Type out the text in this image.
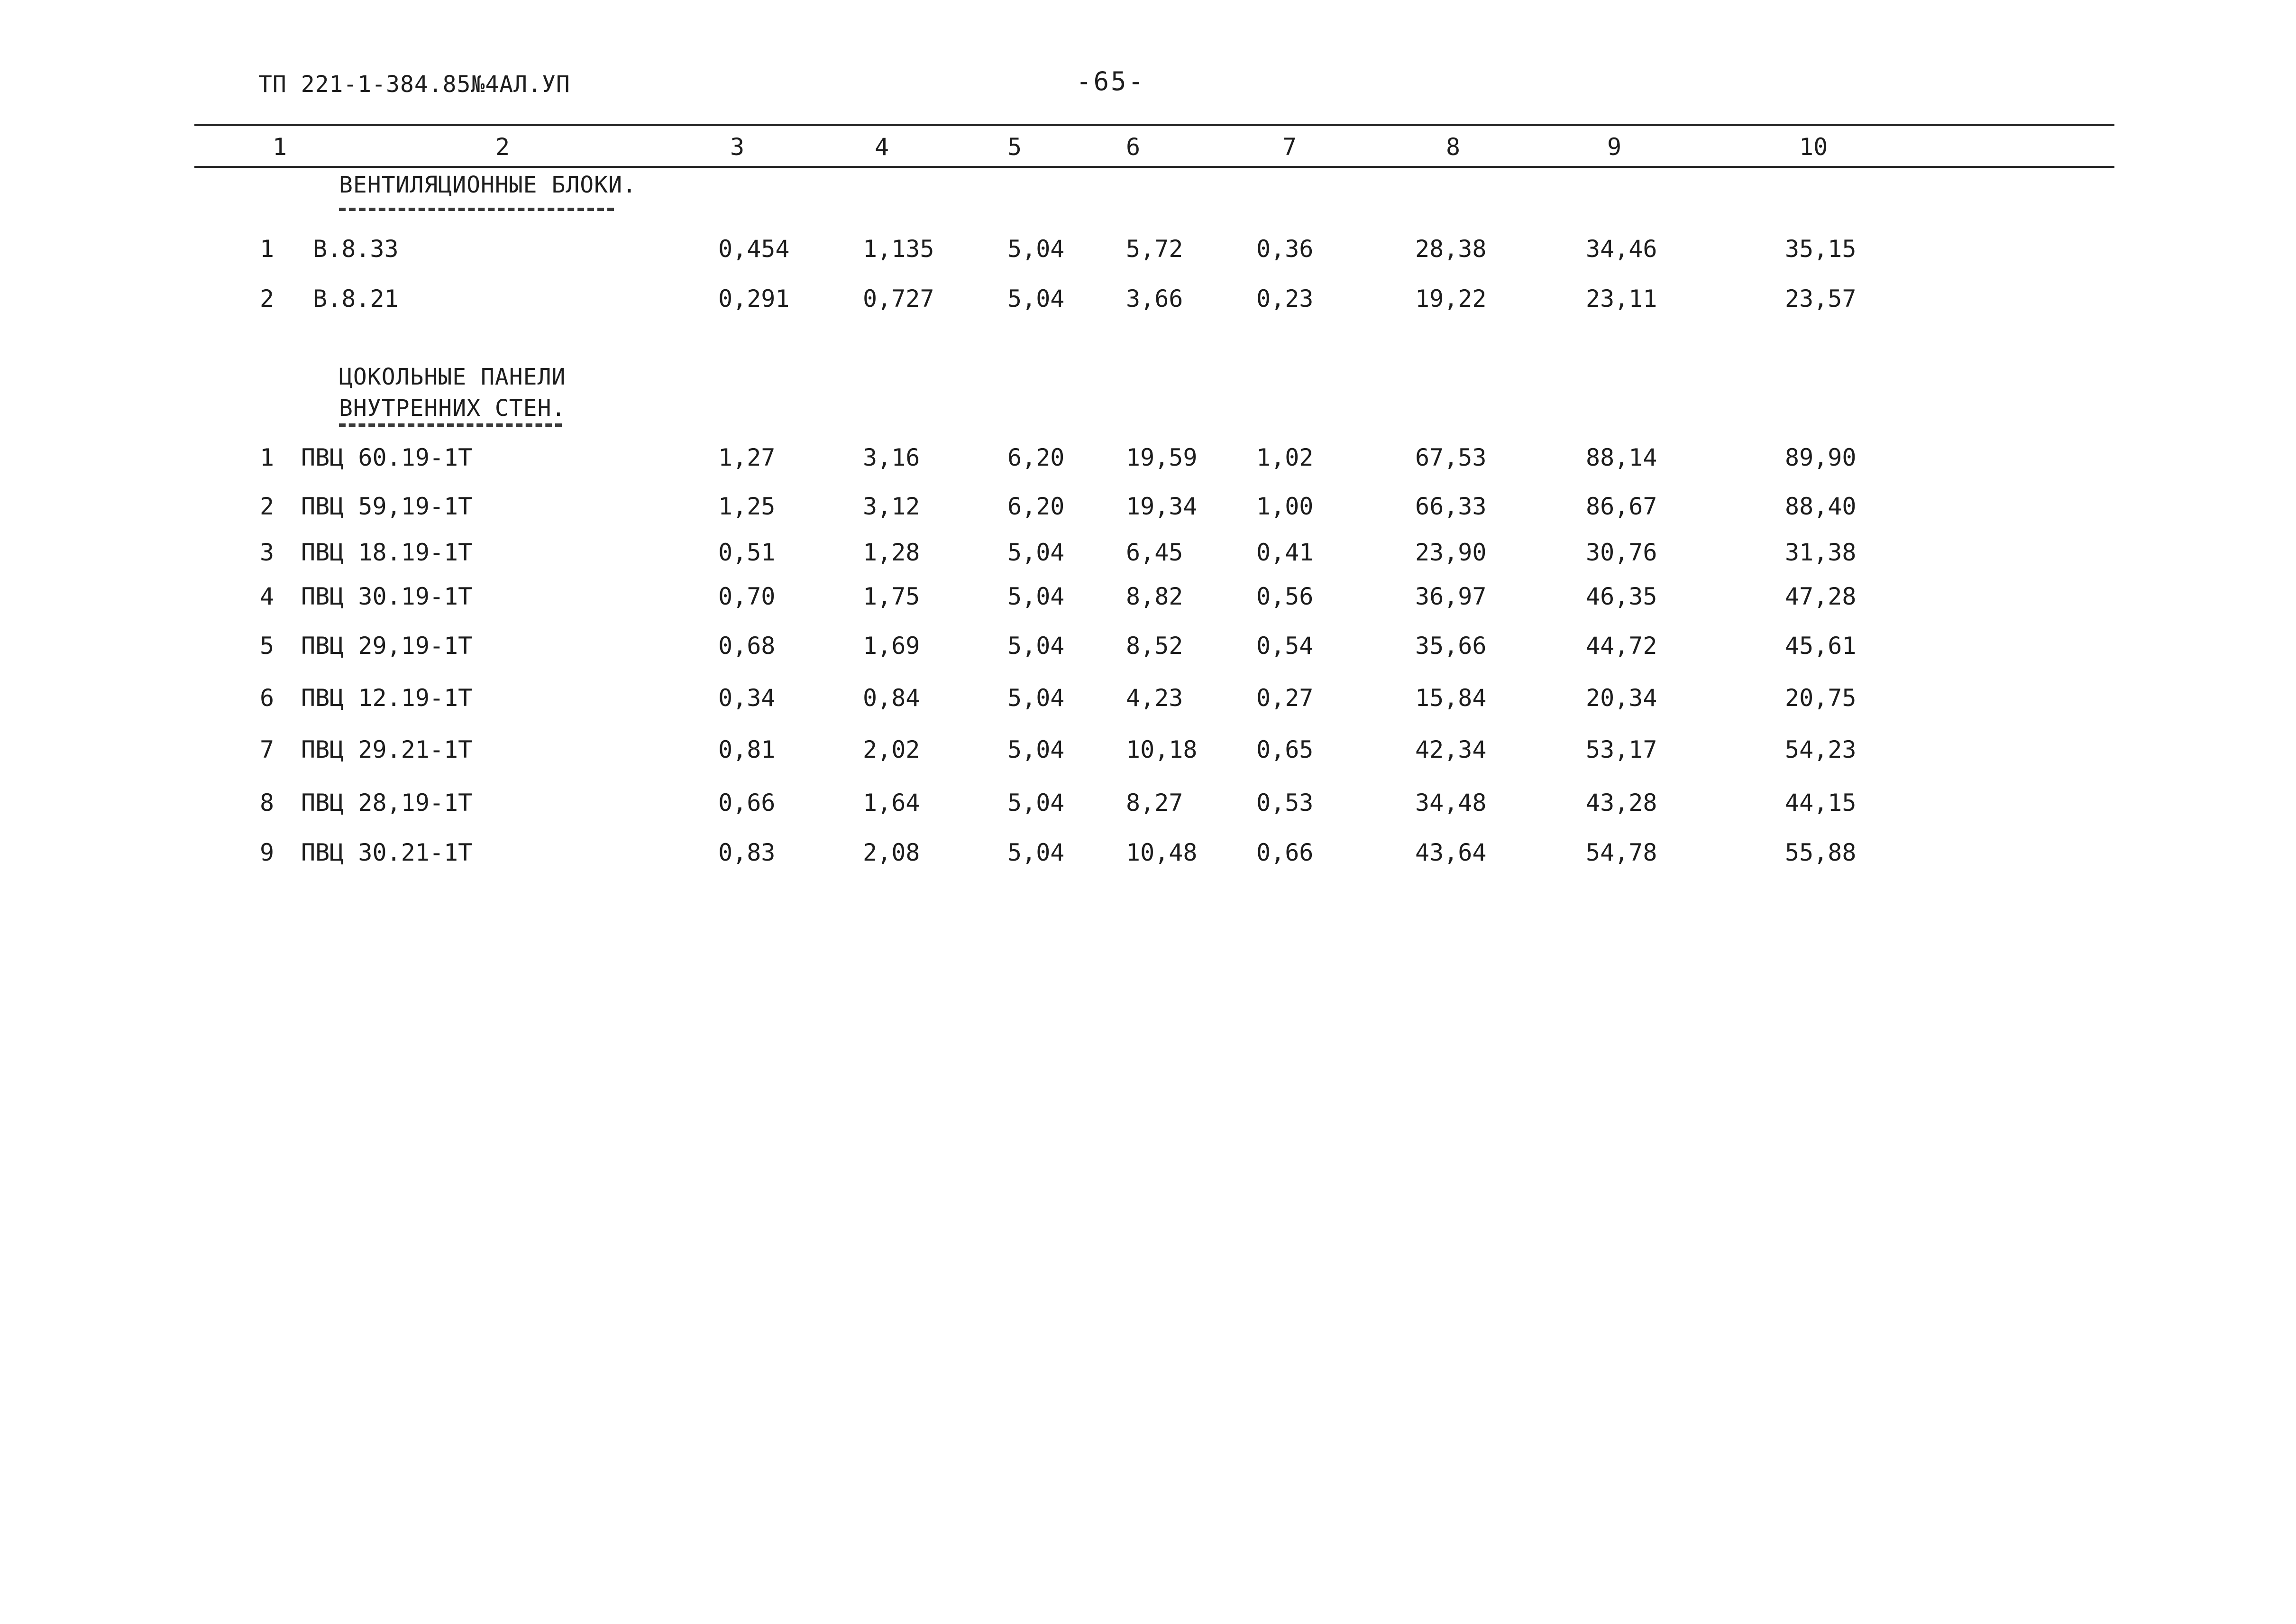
ТП 221-1-384.85№4АЛ.УП	-65-
1	2	3	4	5	6	7	8	9	10
ВЕНТИЛЯЦИОННЫЕ БЛОКИ.
1 В.8.33	0,454	1,135	5,04	5,72	0,36	28,38	34,46	35,15
2 В.8.21	0,291	0,727	5,04	3,66	0,23	19,22	23,11	23,57
ЦОКОЛЬНЫЕ ПАНЕЛИ
ВНУТРЕННИХ СТЕН.
1 ПВЦ 60.19-1Т	1,27	3,16	6,20	19,59 1,02	67,53	88,14	89,90
2 ПВЦ 59,19-1Т	1,25	3,12	6,20	19,34 1,00	66,33	86,67	88,40
3 ПВЦ 18.19-1Т	0,51	1,28	5,04	6,45	0,41	23,90	30,76	31,38
4 ПВЦ 30.19-1Т	0,70	1,75	5,04	8,82	0,56	36,97	46,35	47,28
5 ПВЦ 29,19-1Т	0,68	1,69	5,04	8,52	0,54	35,66	44,72	45,61
6 ПВЦ 12.19-1Т	0,34	0,84	5,04	4,23	0,27	15,84	20,34	20,75
7 ПВЦ 29.21-1Т	0,81	2,02	5,04	10,18 0,65	42,34	53,17	54,23
8 ПВЦ 28,19-1Т	0,66	1,64	5,04	8,27	0,53	34,48	43,28	44,15
9 ПВЦ 30.21-1Т	0,83	2,08	5,04	10,48 0,66	43,64	54,78	55,88
